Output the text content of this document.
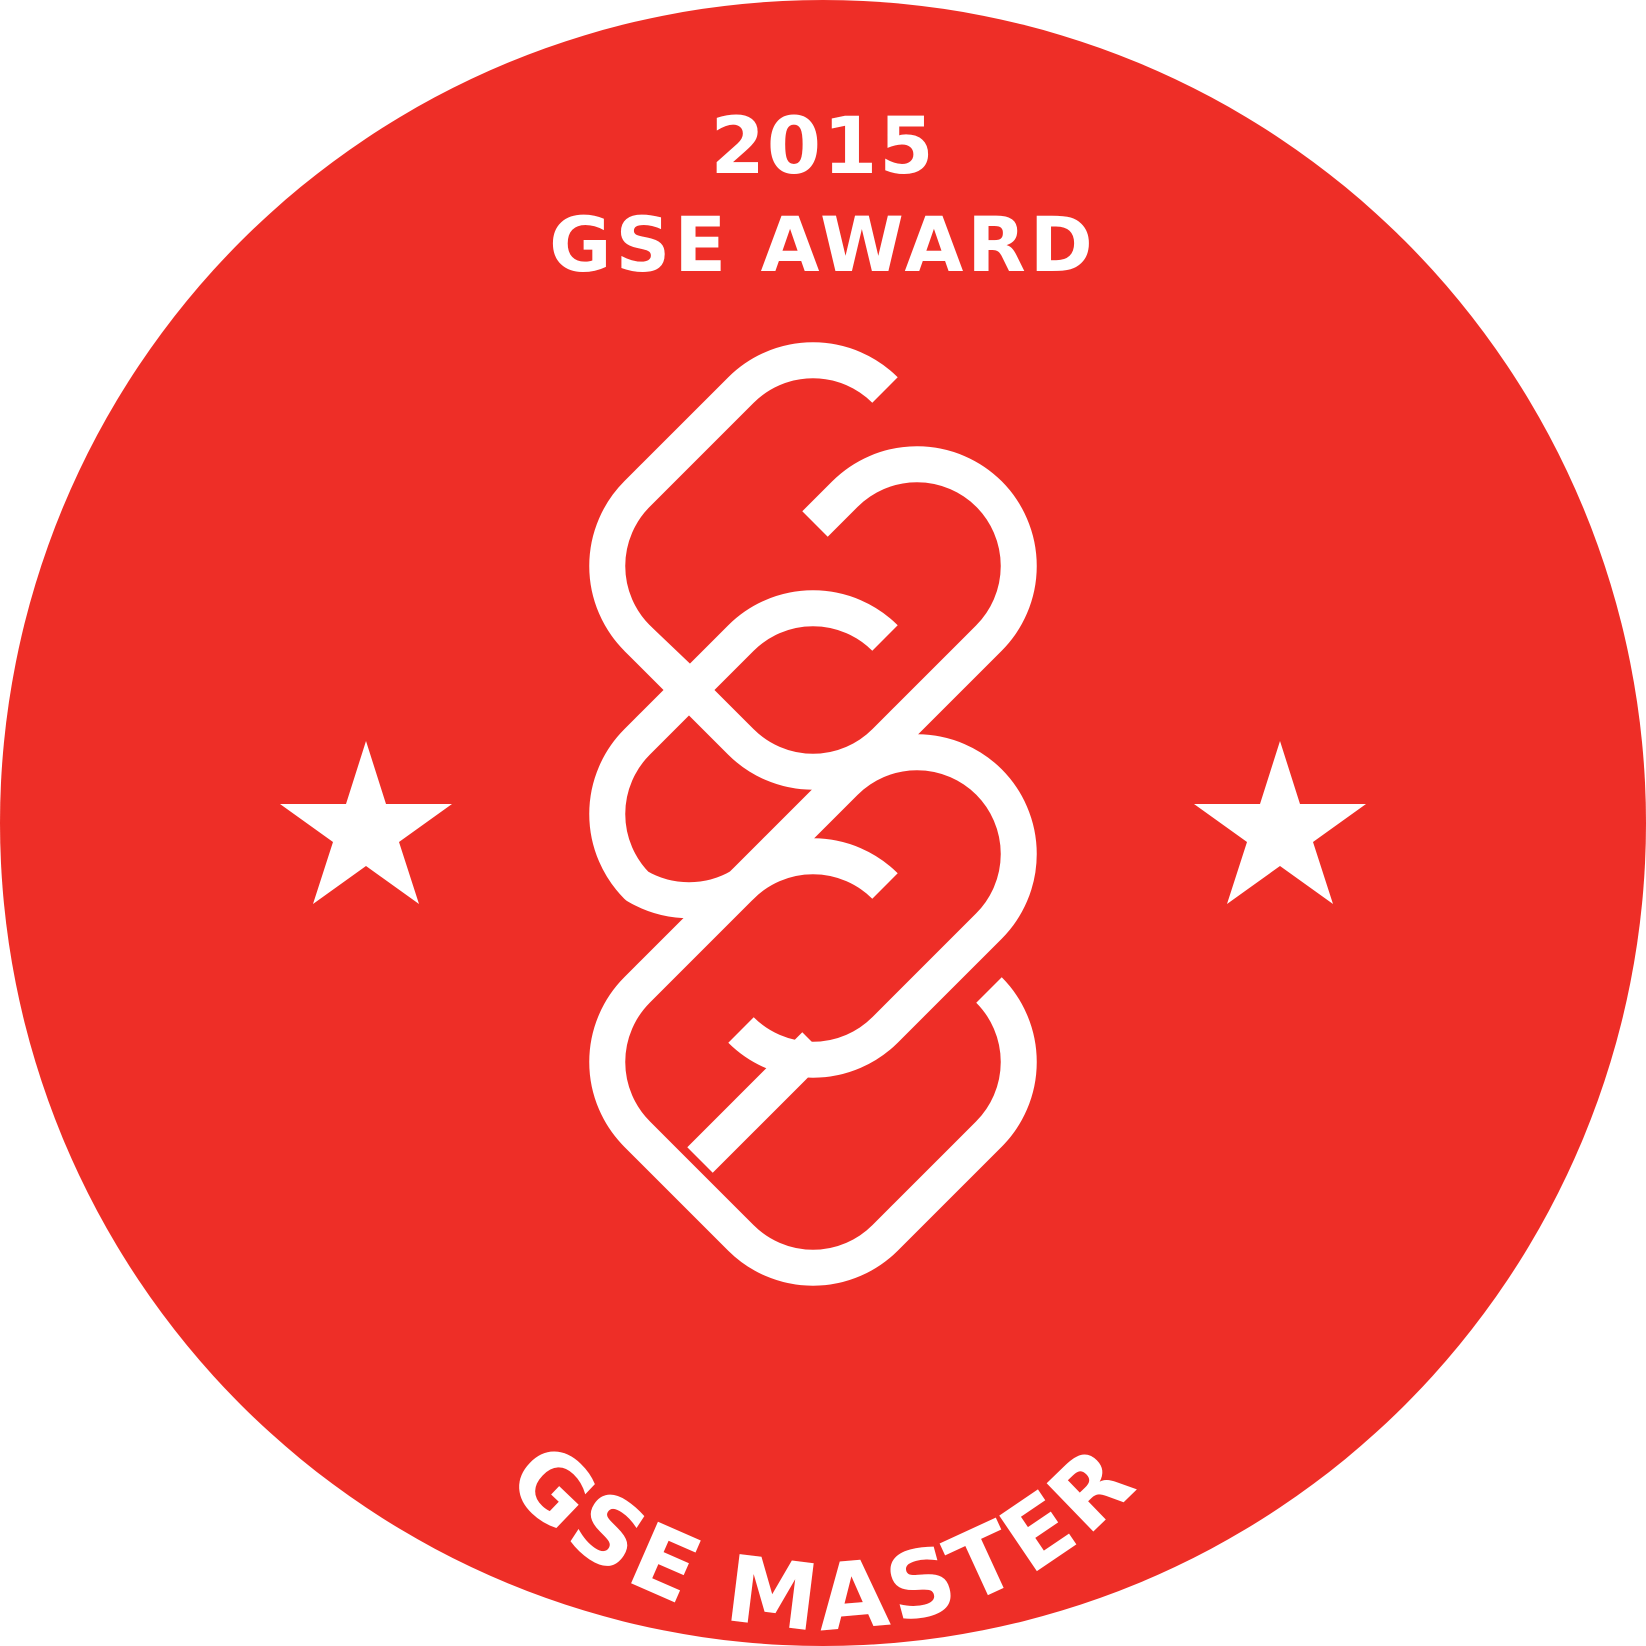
2015
GSE AWARD
GSE MASTER
